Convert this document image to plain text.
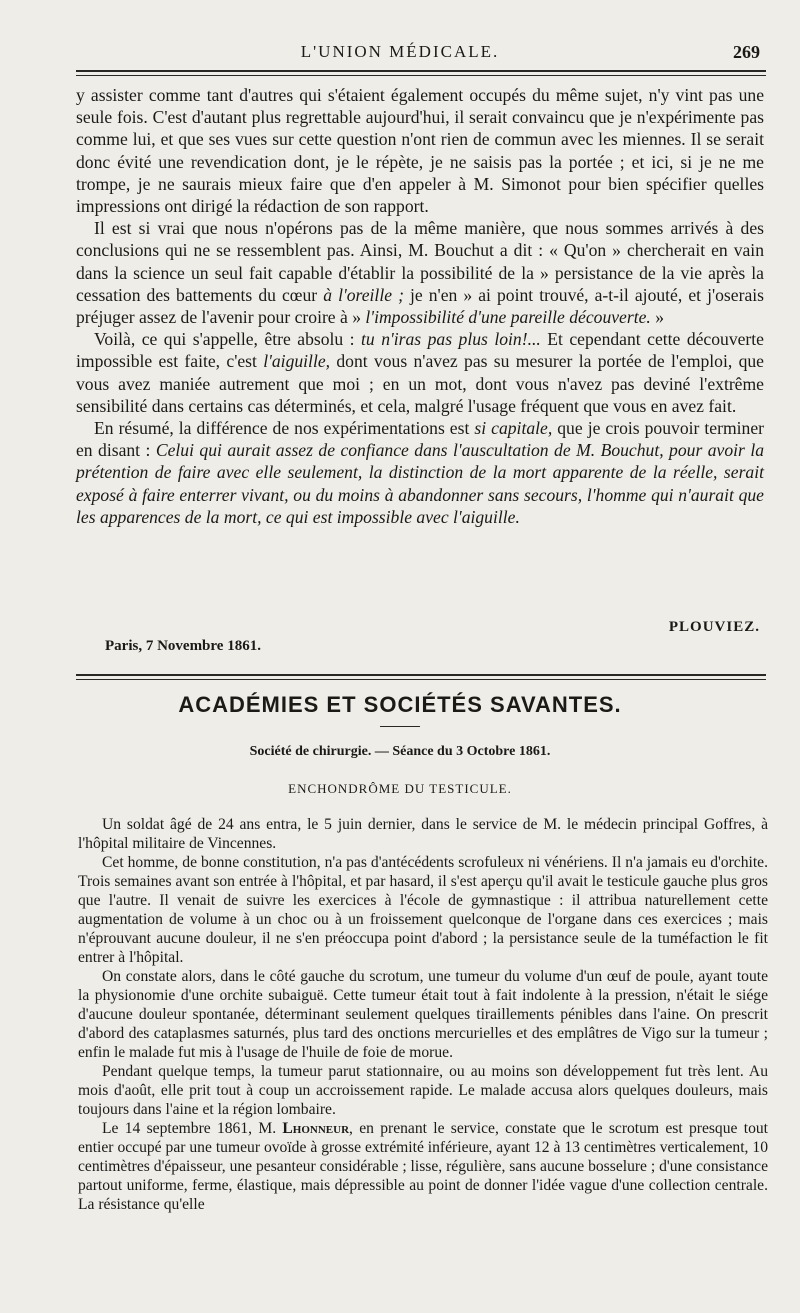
L'UNION MÉDICALE.	269

y assister comme tant d'autres qui s'étaient également occupés du même sujet, n'y vint pas une seule fois. C'est d'autant plus regrettable aujourd'hui, il serait convaincu que je n'expérimente pas comme lui, et que ses vues sur cette question n'ont rien de commun avec les miennes. Il se serait donc évité une revendication dont, je le répète, je ne saisis pas la portée ; et ici, si je ne me trompe, je ne saurais mieux faire que d'en appeler à M. Simonot pour bien spécifier quelles impressions ont dirigé la rédaction de son rapport.

Il est si vrai que nous n'opérons pas de la même manière, que nous sommes arrivés à des conclusions qui ne se ressemblent pas. Ainsi, M. Bouchut a dit : « Qu'on » chercherait en vain dans la science un seul fait capable d'établir la possibilité de la » persistance de la vie après la cessation des battements du cœur à l'oreille ; je n'en » ai point trouvé, a-t-il ajouté, et j'oserais préjuger assez de l'avenir pour croire à » l'impossibilité d'une pareille découverte. »

Voilà, ce qui s'appelle, être absolu : tu n'iras pas plus loin!... Et cependant cette découverte impossible est faite, c'est l'aiguille, dont vous n'avez pas su mesurer la portée de l'emploi, que vous avez maniée autrement que moi ; en un mot, dont vous n'avez pas deviné l'extrême sensibilité dans certains cas déterminés, et cela, malgré l'usage fréquent que vous en avez fait.

En résumé, la différence de nos expérimentations est si capitale, que je crois pouvoir terminer en disant : Celui qui aurait assez de confiance dans l'auscultation de M. Bouchut, pour avoir la prétention de faire avec elle seulement, la distinction de la mort apparente de la réelle, serait exposé à faire enterrer vivant, ou du moins à abandonner sans secours, l'homme qui n'aurait que les apparences de la mort, ce qui est impossible avec l'aiguille.

PLOUVIEZ.
Paris, 7 Novembre 1861.
ACADÉMIES ET SOCIÉTÉS SAVANTES.
Société de chirurgie. — Séance du 3 Octobre 1861.
ENCHONDRÔME DU TESTICULE.

Un soldat âgé de 24 ans entra, le 5 juin dernier, dans le service de M. le médecin principal Goffres, à l'hôpital militaire de Vincennes.

Cet homme, de bonne constitution, n'a pas d'antécédents scrofuleux ni vénériens. Il n'a jamais eu d'orchite. Trois semaines avant son entrée à l'hôpital, et par hasard, il s'est aperçu qu'il avait le testicule gauche plus gros que l'autre. Il venait de suivre les exercices à l'école de gymnastique : il attribua naturellement cette augmentation de volume à un choc ou à un froissement quelconque de l'organe dans ces exercices ; mais n'éprouvant aucune douleur, il ne s'en préoccupa point d'abord ; la persistance seule de la tuméfaction le fit entrer à l'hôpital.

On constate alors, dans le côté gauche du scrotum, une tumeur du volume d'un œuf de poule, ayant toute la physionomie d'une orchite subaiguë. Cette tumeur était tout à fait indolente à la pression, n'était le siége d'aucune douleur spontanée, déterminant seulement quelques tiraillements pénibles dans l'aine. On prescrit d'abord des cataplasmes saturnés, plus tard des onctions mercurielles et des emplâtres de Vigo sur la tumeur ; enfin le malade fut mis à l'usage de l'huile de foie de morue.

Pendant quelque temps, la tumeur parut stationnaire, ou au moins son développement fut très lent. Au mois d'août, elle prit tout à coup un accroissement rapide. Le malade accusa alors quelques douleurs, mais toujours dans l'aine et la région lombaire.

Le 14 septembre 1861, M. Lhonneur, en prenant le service, constate que le scrotum est presque tout entier occupé par une tumeur ovoïde à grosse extrémité inférieure, ayant 12 à 13 centimètres verticalement, 10 centimètres d'épaisseur, une pesanteur considérable ; lisse, régulière, sans aucune bosselure ; d'une consistance partout uniforme, ferme, élastique, mais dépressible au point de donner l'idée vague d'une collection centrale. La résistance qu'elle
